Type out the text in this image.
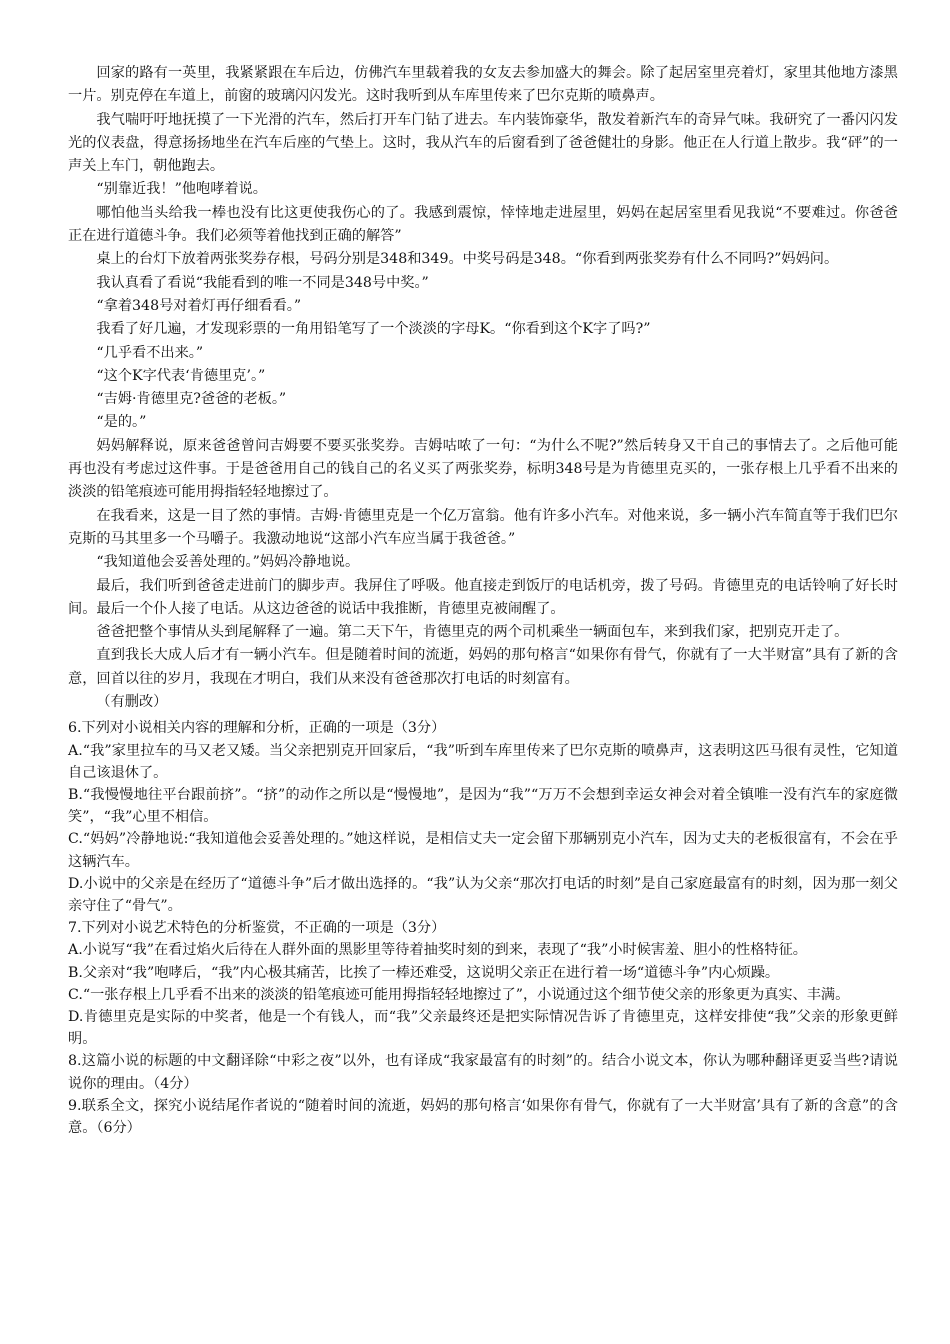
回家的路有一英里，我紧紧跟在车后边，仿佛汽车里载着我的女友去参加盛大的舞会。除了起居室里亮着灯，家里其他地方漆黑一片。别克停在车道上，前窗的玻璃闪闪发光。这时我听到从车库里传来了巴尔克斯的喷鼻声。

我气喘吁吁地抚摸了一下光滑的汽车，然后打开车门钻了进去。车内装饰豪华，散发着新汽车的奇异气味。我研究了一番闪闪发光的仪表盘，得意扬扬地坐在汽车后座的气垫上。这时，我从汽车的后窗看到了爸爸健壮的身影。他正在人行道上散步。我“砰”的一声关上车门，朝他跑去。

“别靠近我！”他咆哮着说。

哪怕他当头给我一棒也没有比这更使我伤心的了。我感到震惊，悻悻地走进屋里，妈妈在起居室里看见我说“不要难过。你爸爸正在进行道德斗争。我们必须等着他找到正确的解答”

桌上的台灯下放着两张奖券存根，号码分别是348和349。中奖号码是348。“你看到两张奖券有什么不同吗?”妈妈问。

我认真看了看说“我能看到的唯一不同是348号中奖。”

“拿着348号对着灯再仔细看看。”

我看了好几遍，才发现彩票的一角用铅笔写了一个淡淡的字母K。“你看到这个K字了吗?”

“几乎看不出来。”

“这个K字代表‘肯德里克’。”

“吉姆·肯德里克?爸爸的老板。”

“是的。”

妈妈解释说，原来爸爸曾问吉姆要不要买张奖券。吉姆咕哝了一句：“为什么不呢?”然后转身又干自己的事情去了。之后他可能再也没有考虑过这件事。于是爸爸用自己的钱自己的名义买了两张奖券，标明348号是为肯德里克买的，一张存根上几乎看不出来的淡淡的铅笔痕迹可能用拇指轻轻地擦过了。

在我看来，这是一目了然的事情。吉姆·肯德里克是一个亿万富翁。他有许多小汽车。对他来说，多一辆小汽车简直等于我们巴尔克斯的马其里多一个马嚼子。我激动地说“这部小汽车应当属于我爸爸。”

“我知道他会妥善处理的。”妈妈冷静地说。

最后，我们听到爸爸走进前门的脚步声。我屏住了呼吸。他直接走到饭厅的电话机旁，拨了号码。肯德里克的电话铃响了好长时间。最后一个仆人接了电话。从这边爸爸的说话中我推断，肯德里克被闹醒了。

爸爸把整个事情从头到尾解释了一遍。第二天下午，肯德里克的两个司机乘坐一辆面包车，来到我们家，把别克开走了。

直到我长大成人后才有一辆小汽车。但是随着时间的流逝，妈妈的那句格言“如果你有骨气，你就有了一大半财富”具有了新的含意，回首以往的岁月，我现在才明白，我们从来没有爸爸那次打电话的时刻富有。

（有删改）

6.下列对小说相关内容的理解和分析，正确的一项是（3分）

A.“我”家里拉车的马又老又矮。当父亲把别克开回家后，“我”听到车库里传来了巴尔克斯的喷鼻声，这表明这匹马很有灵性，它知道自己该退休了。

B.“我慢慢地往平台跟前挤”。“挤”的动作之所以是“慢慢地”，是因为“我”“万万不会想到幸运女神会对着全镇唯一没有汽车的家庭微笑”，“我”心里不相信。

C.“妈妈”冷静地说:“我知道他会妥善处理的。”她这样说，是相信丈夫一定会留下那辆别克小汽车，因为丈夫的老板很富有，不会在乎这辆汽车。

D.小说中的父亲是在经历了“道德斗争”后才做出选择的。“我”认为父亲“那次打电话的时刻”是自己家庭最富有的时刻，因为那一刻父亲守住了“骨气”。

7.下列对小说艺术特色的分析鉴赏，不正确的一项是（3分）

A.小说写“我”在看过焰火后待在人群外面的黑影里等待着抽奖时刻的到来，表现了“我”小时候害羞、胆小的性格特征。

B.父亲对“我”咆哮后，“我”内心极其痛苦，比挨了一棒还难受，这说明父亲正在进行着一场“道德斗争”内心烦躁。

C.“一张存根上几乎看不出来的淡淡的铅笔痕迹可能用拇指轻轻地擦过了”，小说通过这个细节使父亲的形象更为真实、丰满。

D.肯德里克是实际的中奖者，他是一个有钱人，而“我”父亲最终还是把实际情况告诉了肯德里克，这样安排使“我”父亲的形象更鲜明。

8.这篇小说的标题的中文翻译除“中彩之夜”以外，也有译成“我家最富有的时刻”的。结合小说文本，你认为哪种翻译更妥当些?请说说你的理由。（4分）

9.联系全文，探究小说结尾作者说的“随着时间的流逝，妈妈的那句格言‘如果你有骨气，你就有了一大半财富’具有了新的含意”的含意。（6分）
